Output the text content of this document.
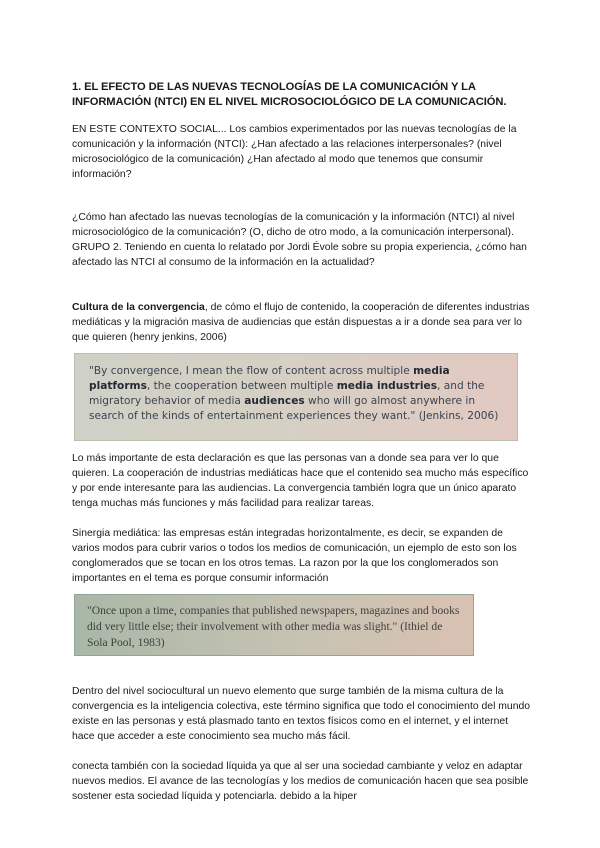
1. EL EFECTO DE LAS NUEVAS TECNOLOGÍAS DE LA COMUNICACIÓN Y LA INFORMACIÓN (NTCI) EN EL NIVEL MICROSOCIOLÓGICO DE LA COMUNICACIÓN.

EN ESTE CONTEXTO SOCIAL... Los cambios experimentados por las nuevas tecnologías de la comunicación y la información (NTCI): ¿Han afectado a las relaciones interpersonales? (nivel microsociológico de la comunicación) ¿Han afectado al modo que tenemos que consumir información?

¿Cómo han afectado las nuevas tecnologías de la comunicación y la información (NTCI) al nivel microsociológico de la comunicación? (O, dicho de otro modo, a la comunicación interpersonal). GRUPO 2. Teniendo en cuenta lo relatado por Jordi Évole sobre su propia experiencia, ¿cómo han afectado las NTCI al consumo de la información en la actualidad?

Cultura de la convergencia, de cómo el flujo de contenido, la cooperación de diferentes industrias mediáticas y la migración masiva de audiencias que están dispuestas a ir a donde sea para ver lo que quieren (henry jenkins, 2006)

"By convergence, I mean the flow of content across multiple media platforms, the cooperation between multiple media industries, and the migratory behavior of media audiences who will go almost anywhere in search of the kinds of entertainment experiences they want." (Jenkins, 2006)

Lo más importante de esta declaración es que las personas van a donde sea para ver lo que quieren. La cooperación de industrias mediáticas hace que el contenido sea mucho más específico y por ende interesante para las audiencias. La convergencia también logra que un único aparato tenga muchas más funciones y más facilidad para realizar tareas.

Sinergia mediática: las empresas están integradas horizontalmente, es decir, se expanden de varios modos para cubrir varios o todos los medios de comunicación, un ejemplo de esto son los conglomerados que se tocan en los otros temas. La razon por la que los conglomerados son importantes en el tema es porque consumir información

"Once upon a time, companies that published newspapers, magazines and books did very little else; their involvement with other media was slight." (Ithiel de Sola Pool, 1983)

Dentro del nivel sociocultural un nuevo elemento que surge también de la misma cultura de la convergencia es la inteligencia colectiva, este término significa que todo el conocimiento del mundo existe en las personas y está plasmado tanto en textos físicos como en el internet, y el internet hace que acceder a este conocimiento sea mucho más fácil.

conecta también con la sociedad líquida ya que al ser una sociedad cambiante y veloz en adaptar nuevos medios. El avance de las tecnologías y los medios de comunicación hacen que sea posible sostener esta sociedad líquida y potenciarla. debido a la hiper
